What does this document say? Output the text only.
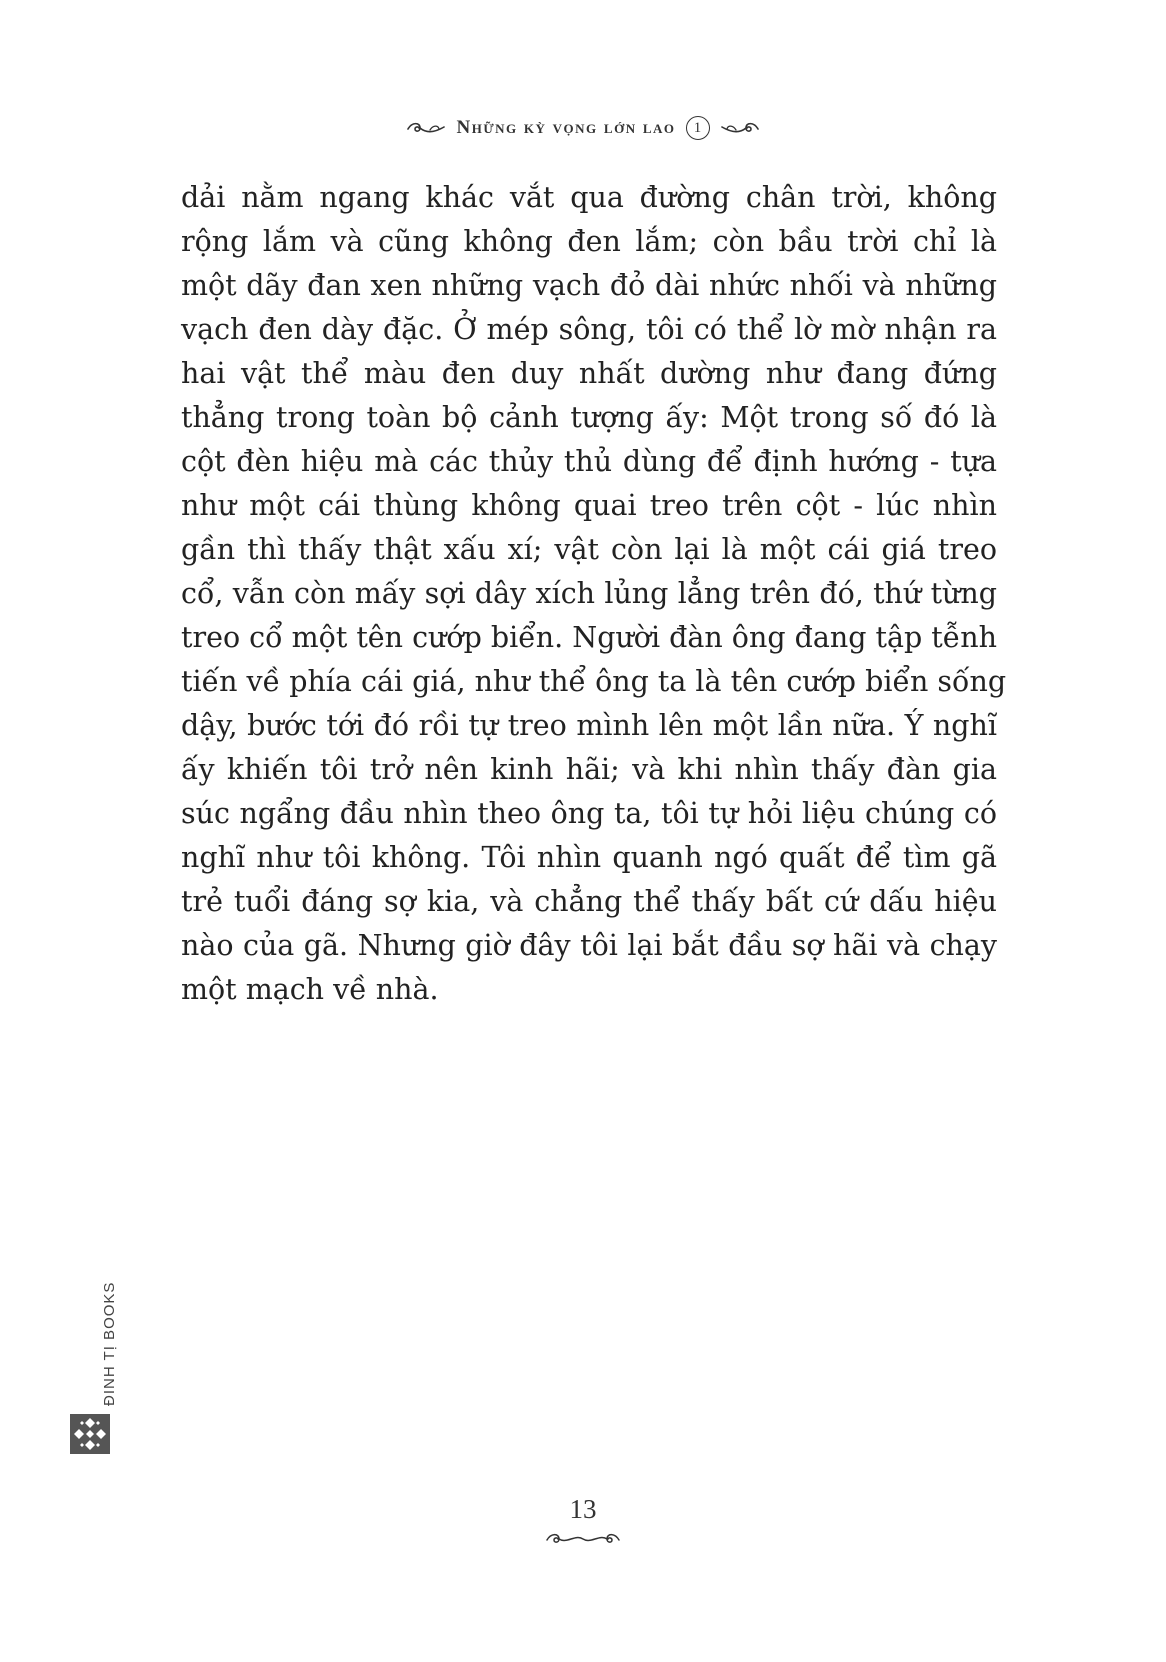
Những kỳ vọng lớn lao	1
dải nằm ngang khác vắt qua đường chân trời, không
rộng lắm và cũng không đen lắm; còn bầu trời chỉ là
một dãy đan xen những vạch đỏ dài nhức nhối và những
vạch đen dày đặc. Ở mép sông, tôi có thể lờ mờ nhận ra
hai vật thể màu đen duy nhất dường như đang đứng
thẳng trong toàn bộ cảnh tượng ấy: Một trong số đó là
cột đèn hiệu mà các thủy thủ dùng để định hướng - tựa
như một cái thùng không quai treo trên cột - lúc nhìn
gần thì thấy thật xấu xí; vật còn lại là một cái giá treo
cổ, vẫn còn mấy sợi dây xích lủng lẳng trên đó, thứ từng
treo cổ một tên cướp biển. Người đàn ông đang tập tễnh
tiến về phía cái giá, như thể ông ta là tên cướp biển sống
dậy, bước tới đó rồi tự treo mình lên một lần nữa. Ý nghĩ
ấy khiến tôi trở nên kinh hãi; và khi nhìn thấy đàn gia
súc ngẩng đầu nhìn theo ông ta, tôi tự hỏi liệu chúng có
nghĩ như tôi không. Tôi nhìn quanh ngó quất để tìm gã
trẻ tuổi đáng sợ kia, và chẳng thể thấy bất cứ dấu hiệu
nào của gã. Nhưng giờ đây tôi lại bắt đầu sợ hãi và chạy
một mạch về nhà.
ĐINH TỊ BOOKS
13
